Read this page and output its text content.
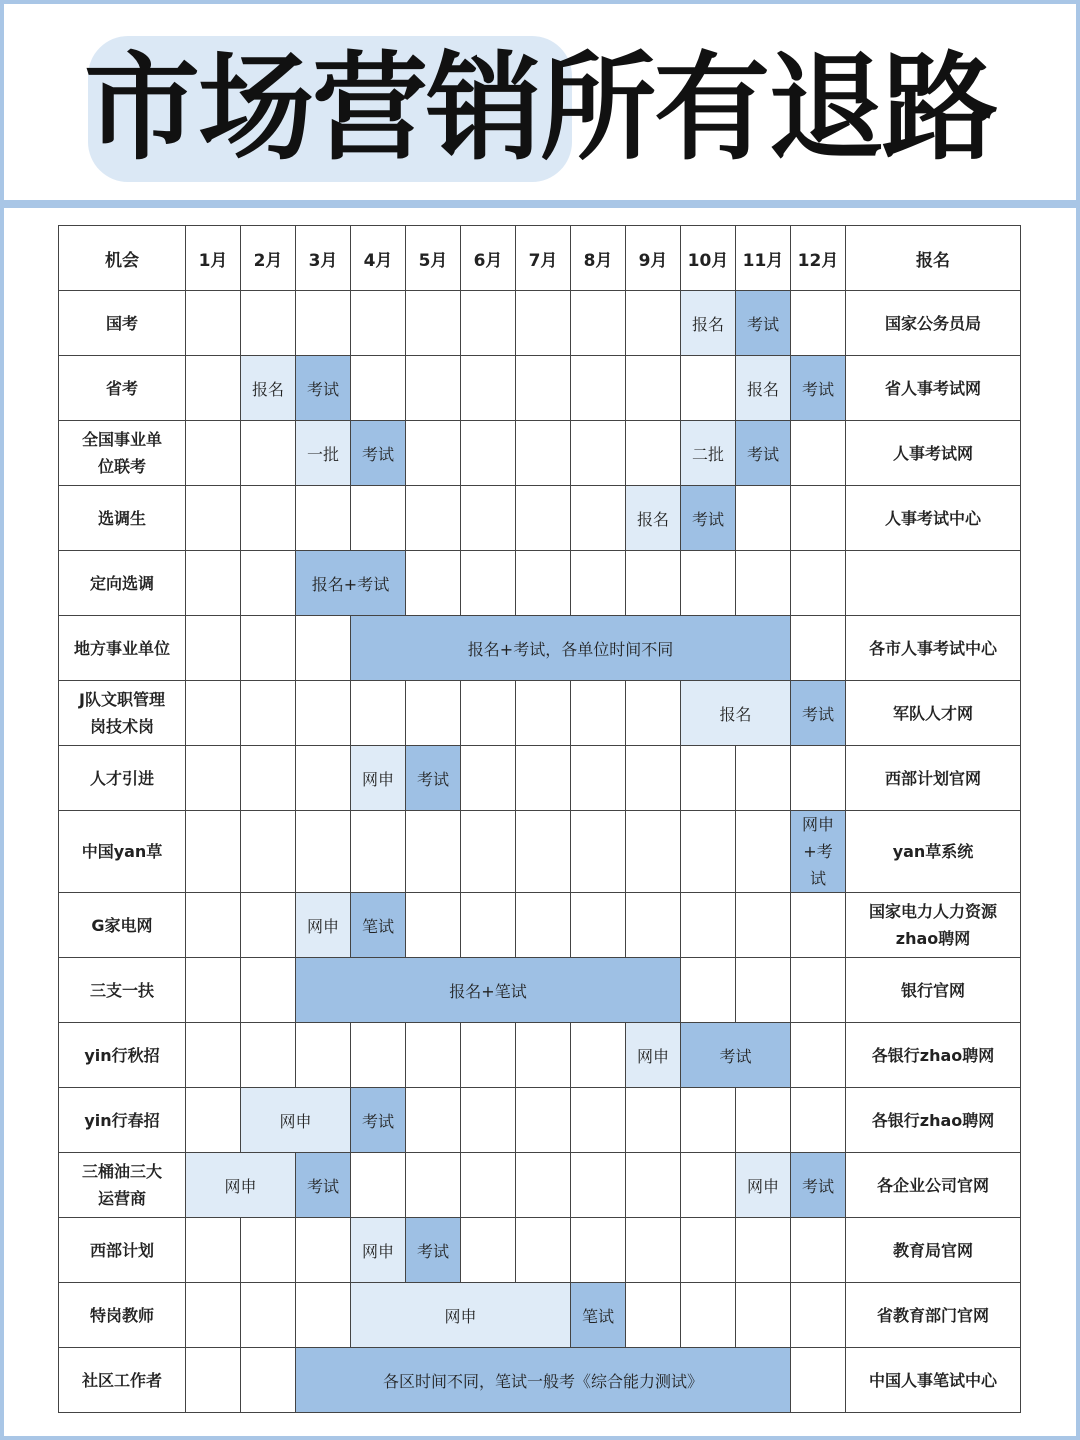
市场营销所有退路
机会	1月	2月	3月	4月	5月	6月	7月	8月	9月	10月	11月	12月	报名
国考										报名	考试		国家公务员局
省考		报名	考试								报名	考试	省人事考试网

全国事业单位联考			一批	考试						二批	考试		人事考试网
选调生									报名	考试			人事考试中心
定向选调			报名+考试										
地方事业单位				报名+考试，各单位时间不同									各市人事考试中心

J队文职管理岗技术岗										报名		考试	军队人才网
人才引进				网申	考试								西部计划官网
中国yan草												网申+考试	yan草系统
G家电网			网申	笔试									国家电力人力资源zhao聘网

三支一扶			报名+笔试										银行官网
yin行秋招									网申	考试			各银行zhao聘网
yin行春招		网申		考试									各银行zhao聘网

三桶油三大运营商	网申		考试								网申	考试	各企业公司官网
西部计划				网申	考试								教育局官网
特岗教师				网申				笔试					省教育部门官网
社区工作者			各区时间不同，笔试一般考《综合能力测试》										中国人事笔试中心
